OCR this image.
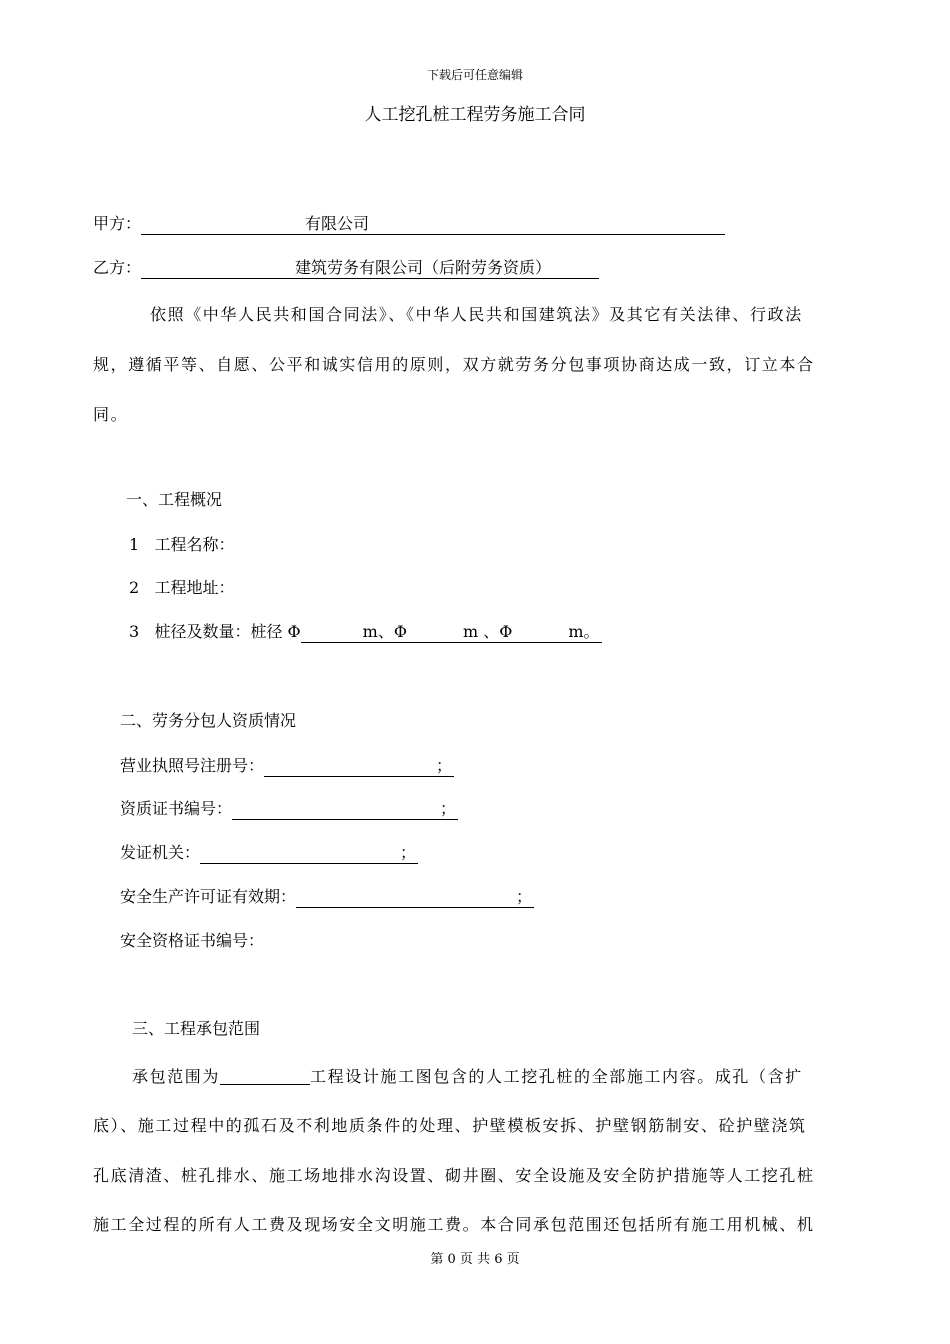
下载后可任意编辑
人工挖孔桩工程劳务施工合同
甲方：	有限公司
乙方：	建筑劳务有限公司（后附劳务资质）
依照《中华人民共和国合同法》、《中华人民共和国建筑法》及其它有关法律、行政法
规，遵循平等、自愿、公平和诚实信用的原则，双方就劳务分包事项协商达成一致，订立本合
同。
一、工程概况
1 工程名称：
2 工程地址：
3 桩径及数量：桩径 Φ	m、Φ	m 、Φ	m。
二、劳务分包人资质情况
营业执照号注册号：	；
资质证书编号：	；
发证机关：	；
安全生产许可证有效期：	；
安全资格证书编号：
三、工程承包范围
承包范围为	工程设计施工图包含的人工挖孔桩的全部施工内容。成孔（含扩
底）、施工过程中的孤石及不利地质条件的处理、护壁模板安拆、护壁钢筋制安、砼护壁浇筑
孔底清渣、桩孔排水、施工场地排水沟设置、砌井圈、安全设施及安全防护措施等人工挖孔桩
施工全过程的所有人工费及现场安全文明施工费。本合同承包范围还包括所有施工用机械、机
第 0 页 共 6 页
